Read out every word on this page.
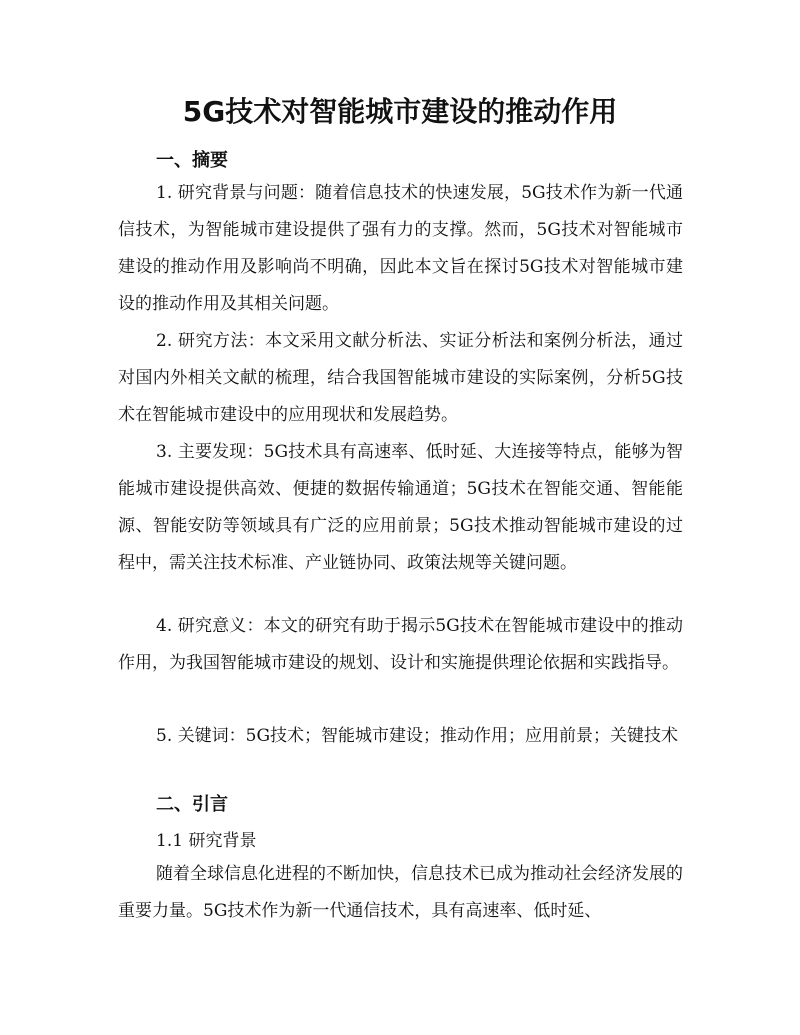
5G技术对智能城市建设的推动作用
一、摘要

1. 研究背景与问题：随着信息技术的快速发展，5G技术作为新一代通信技术，为智能城市建设提供了强有力的支撑。然而，5G技术对智能城市建设的推动作用及影响尚不明确，因此本文旨在探讨5G技术对智能城市建设的推动作用及其相关问题。

2. 研究方法：本文采用文献分析法、实证分析法和案例分析法，通过对国内外相关文献的梳理，结合我国智能城市建设的实际案例，分析5G技术在智能城市建设中的应用现状和发展趋势。

3. 主要发现：5G技术具有高速率、低时延、大连接等特点，能够为智能城市建设提供高效、便捷的数据传输通道；5G技术在智能交通、智能能源、智能安防等领域具有广泛的应用前景；5G技术推动智能城市建设的过程中，需关注技术标准、产业链协同、政策法规等关键问题。

4. 研究意义：本文的研究有助于揭示5G技术在智能城市建设中的推动作用，为我国智能城市建设的规划、设计和实施提供理论依据和实践指导。

5. 关键词：5G技术；智能城市建设；推动作用；应用前景；关键技术

二、引言
1.1 研究背景

随着全球信息化进程的不断加快，信息技术已成为推动社会经济发展的重要力量。5G技术作为新一代通信技术，具有高速率、低时延、
